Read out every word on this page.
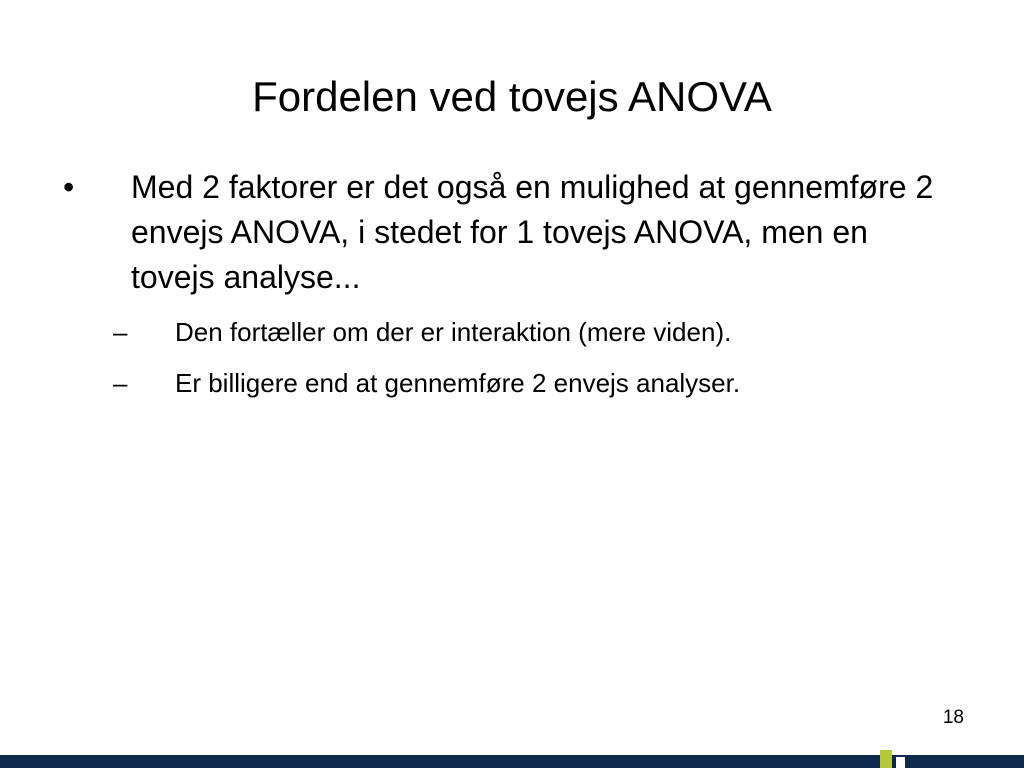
Fordelen ved tovejs ANOVA
•	Med 2 faktorer er det også en mulighed at gennemføre 2 envejs ANOVA, i stedet for 1 tovejs ANOVA, men en tovejs analyse...
– Den fortæller om der er interaktion (mere viden).
– Er billigere end at gennemføre 2 envejs analyser.
18
